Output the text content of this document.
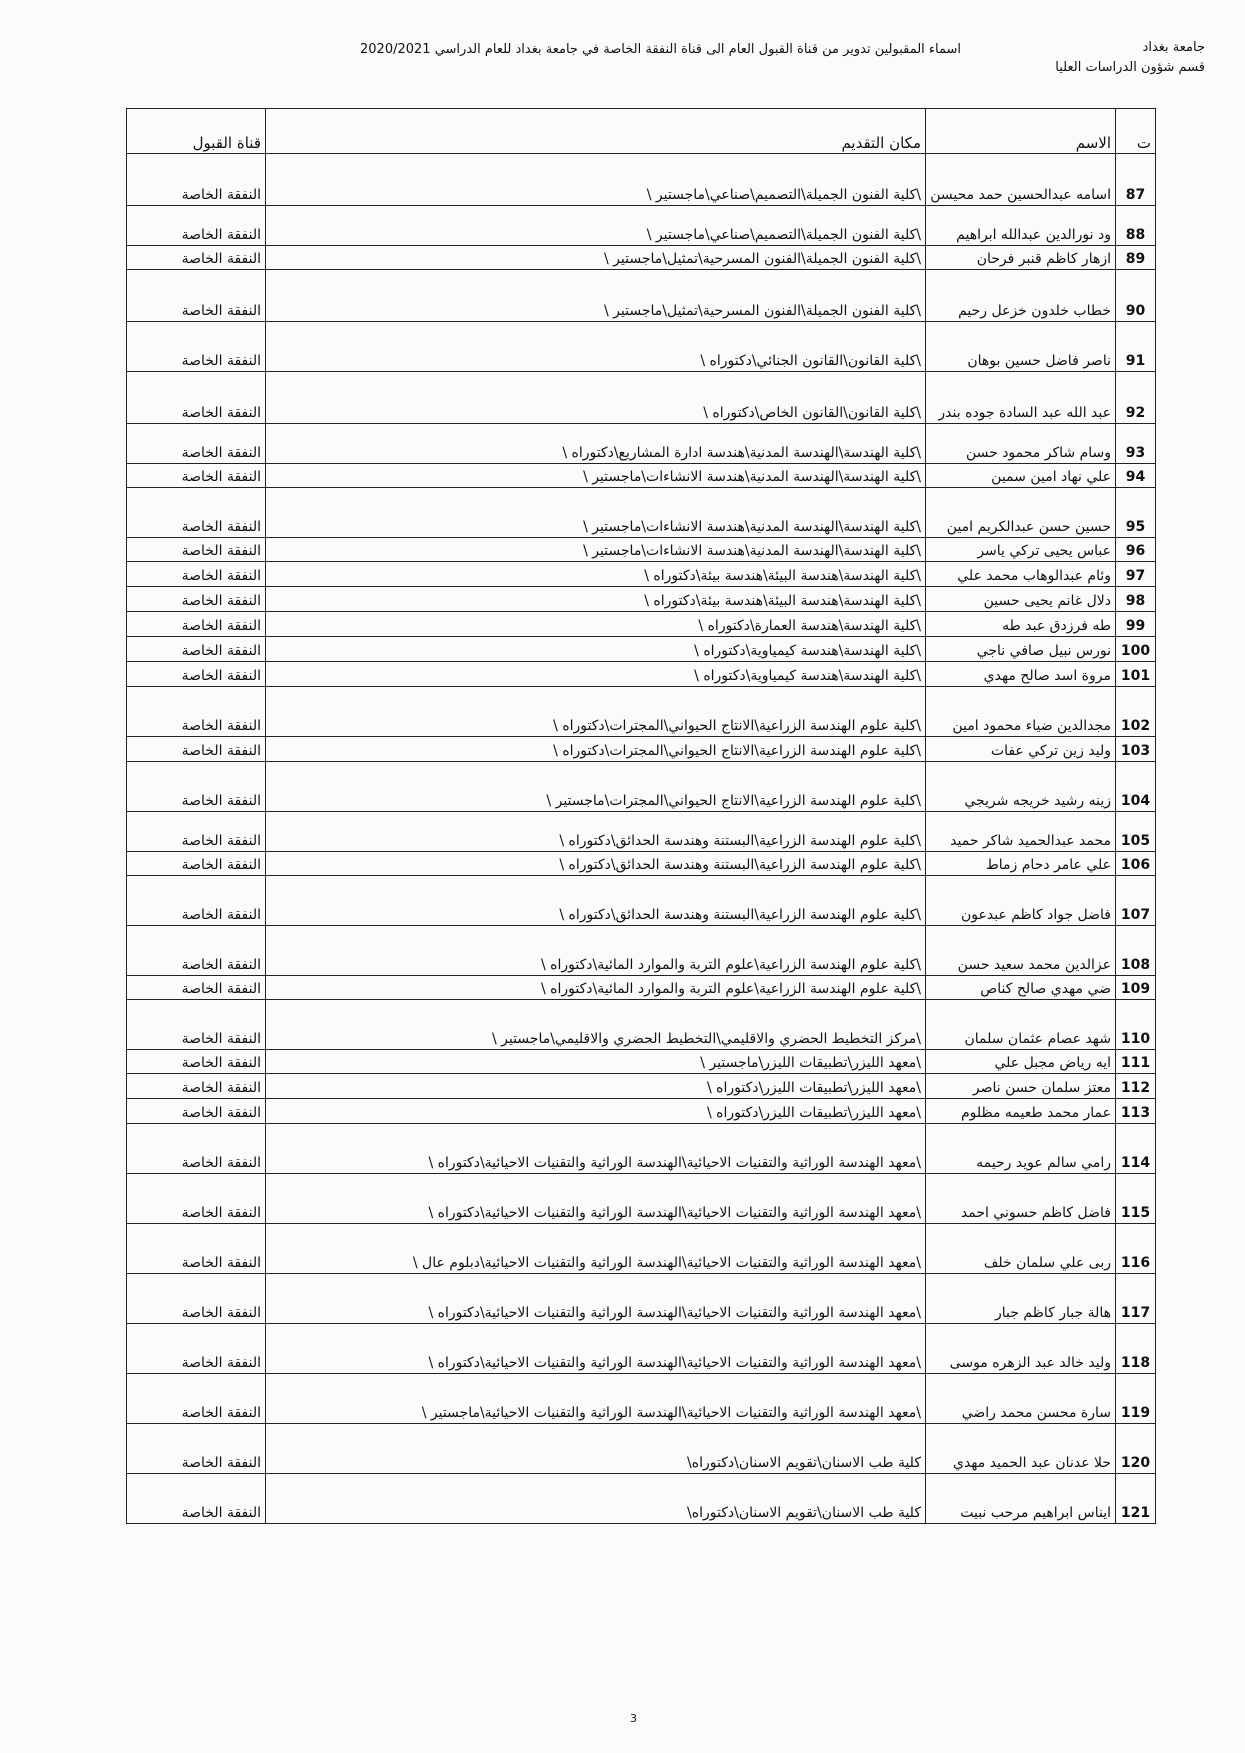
جامعة بغداد
قسم شؤون الدراسات العليا
اسماء المقبولين تدوير من قناة القبول العام الى قناة النفقة الخاصة في جامعة بغداد للعام الدراسي 2020/2021
ت	الاسم	مكان التقديم	قناة القبول
87	اسامه عبدالحسين حمد محيسن	\كلية الفنون الجميلة\التصميم\صناعي\ماجستير \	النفقة الخاصة
88	ود نورالدين عبدالله ابراهيم	\كلية الفنون الجميلة\التصميم\صناعي\ماجستير \	النفقة الخاصة
89	ازهار كاظم قنبر فرحان	\كلية الفنون الجميلة\الفنون المسرحية\تمثيل\ماجستير \	النفقة الخاصة
90	خطاب خلدون خزعل رحيم	\كلية الفنون الجميلة\الفنون المسرحية\تمثيل\ماجستير \	النفقة الخاصة
91	ناصر فاضل حسين بوهان	\كلية القانون\القانون الجنائي\دكتوراه \	النفقة الخاصة
92	عبد الله عبد السادة جوده بندر	\كلية القانون\القانون الخاص\دكتوراه \	النفقة الخاصة
93	وسام شاكر محمود حسن	\كلية الهندسة\الهندسة المدنية\هندسة ادارة المشاريع\دكتوراه \	النفقة الخاصة
94	علي نهاد امين سمين	\كلية الهندسة\الهندسة المدنية\هندسة الانشاءات\ماجستير \	النفقة الخاصة
95	حسين حسن عبدالكريم امين	\كلية الهندسة\الهندسة المدنية\هندسة الانشاءات\ماجستير \	النفقة الخاصة
96	عباس يحيى تركي ياسر	\كلية الهندسة\الهندسة المدنية\هندسة الانشاءات\ماجستير \	النفقة الخاصة
97	وئام عبدالوهاب محمد علي	\كلية الهندسة\هندسة البيئة\هندسة بيئة\دكتوراه \	النفقة الخاصة
98	دلال غانم يحيى حسين	\كلية الهندسة\هندسة البيئة\هندسة بيئة\دكتوراه \	النفقة الخاصة
99	طه فرزدق عبد طه	\كلية الهندسة\هندسة العمارة\دكتوراه \	النفقة الخاصة
100	نورس نبيل صافي ناجي	\كلية الهندسة\هندسة كيمياوية\دكتوراه \	النفقة الخاصة
101	مروة اسد صالح مهدي	\كلية الهندسة\هندسة كيمياوية\دكتوراه \	النفقة الخاصة
102	مجدالدين ضياء محمود امين	\كلية علوم الهندسة الزراعية\الانتاج الحيواني\المجترات\دكتوراه \	النفقة الخاصة
103	وليد زين تركي عفات	\كلية علوم الهندسة الزراعية\الانتاج الحيواني\المجترات\دكتوراه \	النفقة الخاصة
104	زينه رشيد خريجه شريجي	\كلية علوم الهندسة الزراعية\الانتاج الحيواني\المجترات\ماجستير \	النفقة الخاصة
105	محمد عبدالحميد شاكر حميد	\كلية علوم الهندسة الزراعية\البستنة وهندسة الحدائق\دكتوراه \	النفقة الخاصة
106	علي عامر دحام زماط	\كلية علوم الهندسة الزراعية\البستنة وهندسة الحدائق\دكتوراه \	النفقة الخاصة
107	فاضل جواد كاظم عبدعون	\كلية علوم الهندسة الزراعية\البستنة وهندسة الحدائق\دكتوراه \	النفقة الخاصة
108	عزالدين محمد سعيد حسن	\كلية علوم الهندسة الزراعية\علوم التربة والموارد المائية\دكتوراه \	النفقة الخاصة
109	ضي مهدي صالح كناص	\كلية علوم الهندسة الزراعية\علوم التربة والموارد المائية\دكتوراه \	النفقة الخاصة
110	شهد عصام عثمان سلمان	\مركز التخطيط الحضري والاقليمي\التخطيط الحضري والاقليمي\ماجستير \	النفقة الخاصة
111	ايه رياض مجبل علي	\معهد الليزر\تطبيقات الليزر\ماجستير \	النفقة الخاصة
112	معتز سلمان حسن ناصر	\معهد الليزر\تطبيقات الليزر\دكتوراه \	النفقة الخاصة
113	عمار محمد طعيمه مظلوم	\معهد الليزر\تطبيقات الليزر\دكتوراه \	النفقة الخاصة
114	رامي سالم عويد رحيمه	\معهد الهندسة الوراثية والتقنيات الاحيائية\الهندسة الوراثية والتقنيات الاحيائية\دكتوراه \	النفقة الخاصة
115	فاضل كاظم حسوني احمد	\معهد الهندسة الوراثية والتقنيات الاحيائية\الهندسة الوراثية والتقنيات الاحيائية\دكتوراه \	النفقة الخاصة
116	ربى علي سلمان خلف	\معهد الهندسة الوراثية والتقنيات الاحيائية\الهندسة الوراثية والتقنيات الاحيائية\دبلوم عال \	النفقة الخاصة
117	هالة جبار كاظم جبار	\معهد الهندسة الوراثية والتقنيات الاحيائية\الهندسة الوراثية والتقنيات الاحيائية\دكتوراه \	النفقة الخاصة
118	وليد خالد عبد الزهره موسى	\معهد الهندسة الوراثية والتقنيات الاحيائية\الهندسة الوراثية والتقنيات الاحيائية\دكتوراه \	النفقة الخاصة
119	سارة محسن محمد راضي	\معهد الهندسة الوراثية والتقنيات الاحيائية\الهندسة الوراثية والتقنيات الاحيائية\ماجستير \	النفقة الخاصة
120	حلا عدنان عبد الحميد مهدي	كلية طب الاسنان\تقويم الاسنان\دكتوراه\	النفقة الخاصة
121	ايناس ابراهيم مرحب نبيت	كلية طب الاسنان\تقويم الاسنان\دكتوراه\	النفقة الخاصة
3
